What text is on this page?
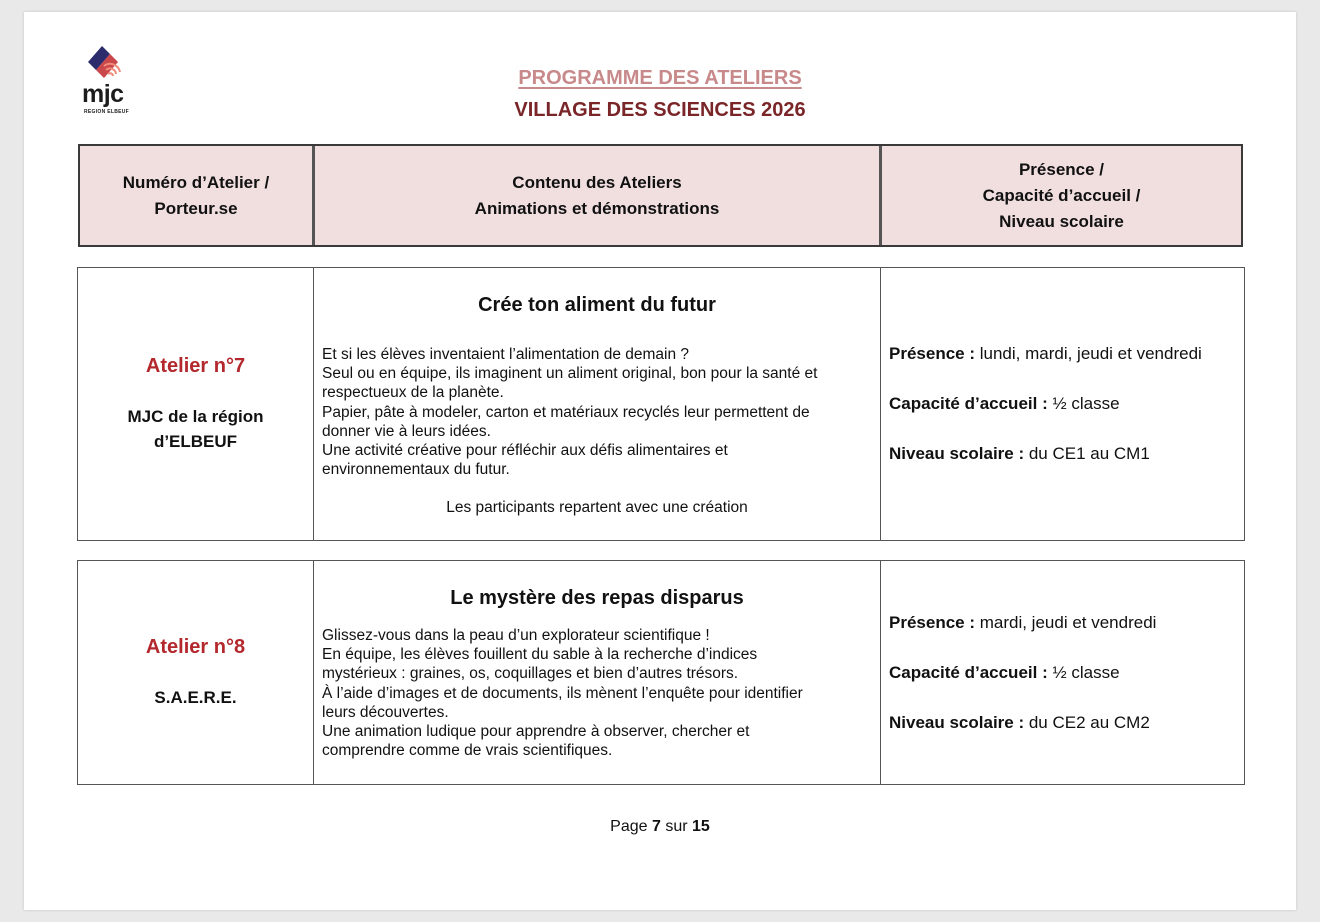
mjc
REGION ELBEUF
PROGRAMME DES ATELIERS
VILLAGE DES SCIENCES 2026
Numéro d’Atelier /
Porteur.se
Contenu des Ateliers
Animations et démonstrations
Présence /
Capacité d’accueil /
Niveau scolaire
Atelier n°7
MJC de la région
d’ELBEUF
Crée ton aliment du futur
Et si les élèves inventaient l’alimentation de demain ?
Seul ou en équipe, ils imaginent un aliment original, bon pour la santé et
respectueux de la planète.
Papier, pâte à modeler, carton et matériaux recyclés leur permettent de
donner vie à leurs idées.
Une activité créative pour réfléchir aux défis alimentaires et
environnementaux du futur.
Les participants repartent avec une création
Présence : lundi, mardi, jeudi et vendredi
Capacité d’accueil : ½ classe
Niveau scolaire : du CE1 au CM1
Atelier n°8
S.A.E.R.E.
Le mystère des repas disparus
Glissez-vous dans la peau d’un explorateur scientifique !
En équipe, les élèves fouillent du sable à la recherche d’indices
mystérieux : graines, os, coquillages et bien d’autres trésors.
À l’aide d’images et de documents, ils mènent l’enquête pour identifier
leurs découvertes.
Une animation ludique pour apprendre à observer, chercher et
comprendre comme de vrais scientifiques.
Présence : mardi, jeudi et vendredi
Capacité d’accueil : ½ classe
Niveau scolaire : du CE2 au CM2
Page 7 sur 15
